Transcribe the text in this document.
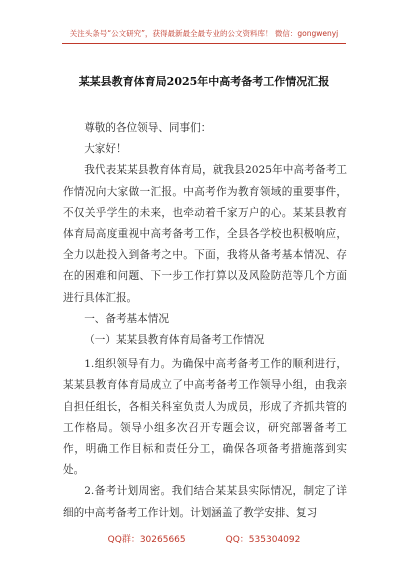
关注头条号“公文研究”，获得最新最全最专业的公文资料库！ 微信：gongwenyj
某某县教育体育局2025年中高考备考工作情况汇报

尊敬的各位领导、同事们：

大家好！

我代表某某县教育体育局，就我县2025年中高考备考工作情况向大家做一汇报。中高考作为教育领域的重要事件，不仅关乎学生的未来，也牵动着千家万户的心。某某县教育体育局高度重视中高考备考工作，全县各学校也积极响应，全力以赴投入到备考之中。下面，我将从备考基本情况、存在的困难和问题、下一步工作打算以及风险防范等几个方面进行具体汇报。

一、备考基本情况

（一）某某县教育体育局备考工作情况

1.组织领导有力。为确保中高考备考工作的顺利进行，某某县教育体育局成立了中高考备考工作领导小组，由我亲自担任组长，各相关科室负责人为成员，形成了齐抓共管的工作格局。领导小组多次召开专题会议，研究部署备考工作，明确工作目标和责任分工，确保各项备考措施落到实处。

2.备考计划周密。我们结合某某县实际情况，制定了详细的中高考备考工作计划。计划涵盖了教学安排、复习

QQ群：30265665	QQ：535304092
